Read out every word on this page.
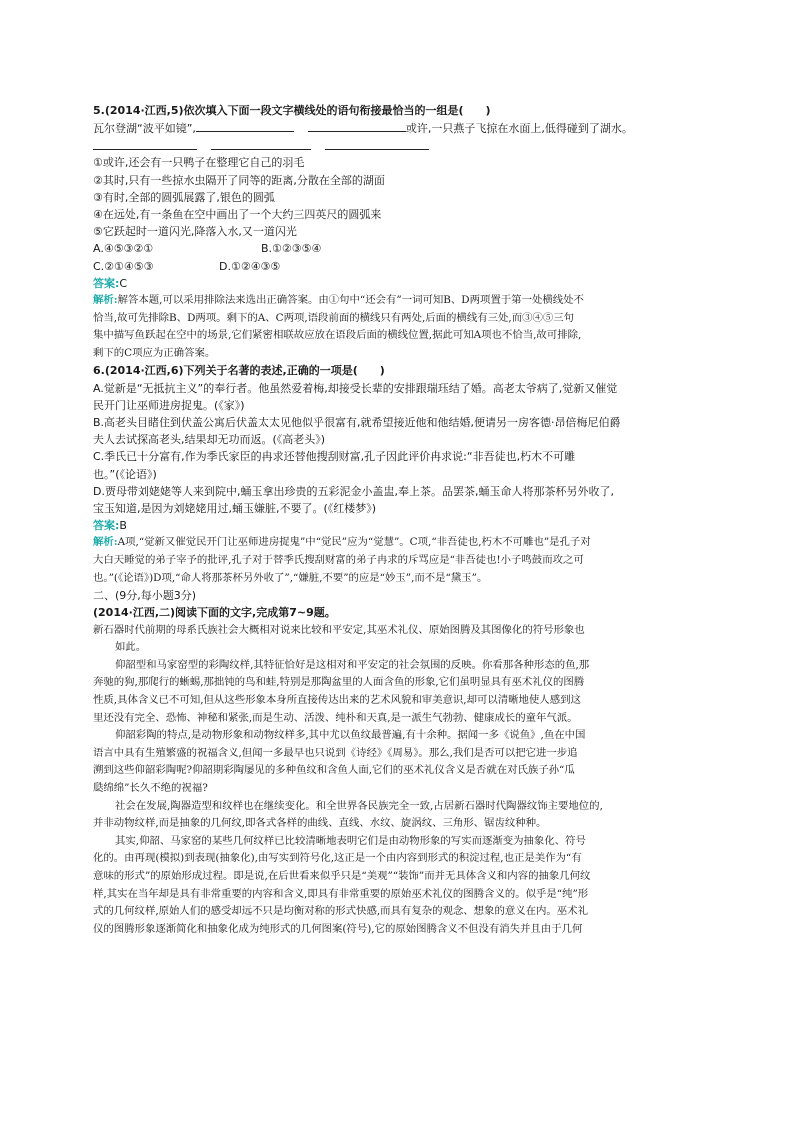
5.(2014·江西,5)依次填入下面一段文字横线处的语句衔接最恰当的一组是(　　)
瓦尔登湖“波平如镜”,	或许,一只燕子飞掠在水面上,低得碰到了湖水。
①或许,还会有一只鸭子在整理它自己的羽毛
②其时,只有一些掠水虫隔开了同等的距离,分散在全部的湖面
③有时,全部的圆弧展露了,银色的圆弧
④在远处,有一条鱼在空中画出了一个大约三四英尺的圆弧来
⑤它跃起时一道闪光,降落入水,又一道闪光
A.④⑤③②①	B.①②③⑤④
C.②①④⑤③	D.①②④③⑤
答案:C
解析:解答本题,可以采用排除法来选出正确答案。由①句中“还会有”一词可知B、D两项置于第一处横线处不
恰当,故可先排除B、D两项。剩下的A、C两项,语段前面的横线只有两处,后面的横线有三处,而③④⑤三句
集中描写鱼跃起在空中的场景,它们紧密相联故应放在语段后面的横线位置,据此可知A项也不恰当,故可排除,
剩下的C项应为正确答案。
6.(2014·江西,6)下列关于名著的表述,正确的一项是(　　)
A.觉新是“无抵抗主义”的奉行者。他虽然爱着梅,却接受长辈的安排跟瑞珏结了婚。高老太爷病了,觉新又催觉
民开门让巫师进房捉鬼。(《家》)
B.高老头目睹住到伏盖公寓后伏盖太太见他似乎很富有,就希望接近他和他结婚,便请另一房客德·昂倍梅尼伯爵
夫人去试探高老头,结果却无功而返。(《高老头》)
C.季氏已十分富有,作为季氏家臣的冉求还替他搜刮财富,孔子因此评价冉求说:“非吾徒也,朽木不可雕
也。”(《论语》)
D.贾母带刘姥姥等人来到院中,蛹玉拿出珍贵的五彩泥金小盖盅,奉上茶。品罢茶,蛹玉命人将那茶杯另外收了,
宝玉知道,是因为刘姥姥用过,蛹玉嫌脏,不要了。(《红楼梦》)
答案:B
解析:A项,“觉新又催觉民开门让巫师进房捉鬼”中“觉民”应为“觉慧”。C项,“非吾徒也,朽木不可雕也”是孔子对
大白天睡觉的弟子宰予的批评,孔子对于替季氏搜刮财富的弟子冉求的斥骂应是“非吾徒也!小子鸣鼓而攻之可
也。”(《论语》)D项,“命人将那茶杯另外收了”,“嫌脏,不要”的应是“妙玉”,而不是“黛玉”。
二、(9分,每小题3分)
(2014·江西,二)阅读下面的文字,完成第7~9题。
新石器时代前期的母系氏族社会大概相对说来比较和平安定,其巫术礼仪、原始图腾及其图像化的符号形象也
如此。
仰韶型和马家窑型的彩陶纹样,其特征恰好是这相对和平安定的社会氛围的反映。你看那各种形态的鱼,那
奔驰的狗,那爬行的蜥蜴,那拙钝的鸟和蛙,特别是那陶盆里的人面含鱼的形象,它们虽明显具有巫术礼仪的图腾
性质,具体含义已不可知,但从这些形象本身所直接传达出来的艺术风貌和审美意识,却可以清晰地使人感到这
里还没有完全、恐怖、神秘和紧张,而是生动、活泼、纯朴和天真,是一派生气勃勃、健康成长的童年气派。
仰韶彩陶的特点,是动物形象和动物纹样多,其中尤以鱼纹最普遍,有十余种。据闻一多《说鱼》,鱼在中国
语言中具有生殖繁盛的祝福含义,但闻一多最早也只说到《诗经》《周易》。那么,我们是否可以把它进一步追
溯到这些仰韶彩陶呢?仰韶期彩陶屡见的多种鱼纹和含鱼人面,它们的巫术礼仪含义是否就在对氏族子孙“瓜
瓞绵绵”长久不绝的祝福?
社会在发展,陶器造型和纹样也在继续变化。和全世界各民族完全一致,占居新石器时代陶器纹饰主要地位的,
并非动物纹样,而是抽象的几何纹,即各式各样的曲线、直线、水纹、旋涡纹、三角形、锯齿纹种种。
其实,仰韶、马家窑的某些几何纹样已比较清晰地表明它们是由动物形象的写实而逐渐变为抽象化、符号
化的。由再现(模拟)到表现(抽象化),由写实到符号化,这正是一个由内容到形式的积淀过程,也正是美作为“有
意味的形式”的原始形成过程。即是说,在后世看来似乎只是“美观”“装饰”而并无具体含义和内容的抽象几何纹
样,其实在当年却是具有非常重要的内容和含义,即具有非常重要的原始巫术礼仪的图腾含义的。似乎是“纯”形
式的几何纹样,原始人们的感受却远不只是均衡对称的形式快感,而具有复杂的观念、想象的意义在内。巫术礼
仪的图腾形象逐渐简化和抽象化成为纯形式的几何图案(符号),它的原始图腾含义不但没有消失并且由于几何
